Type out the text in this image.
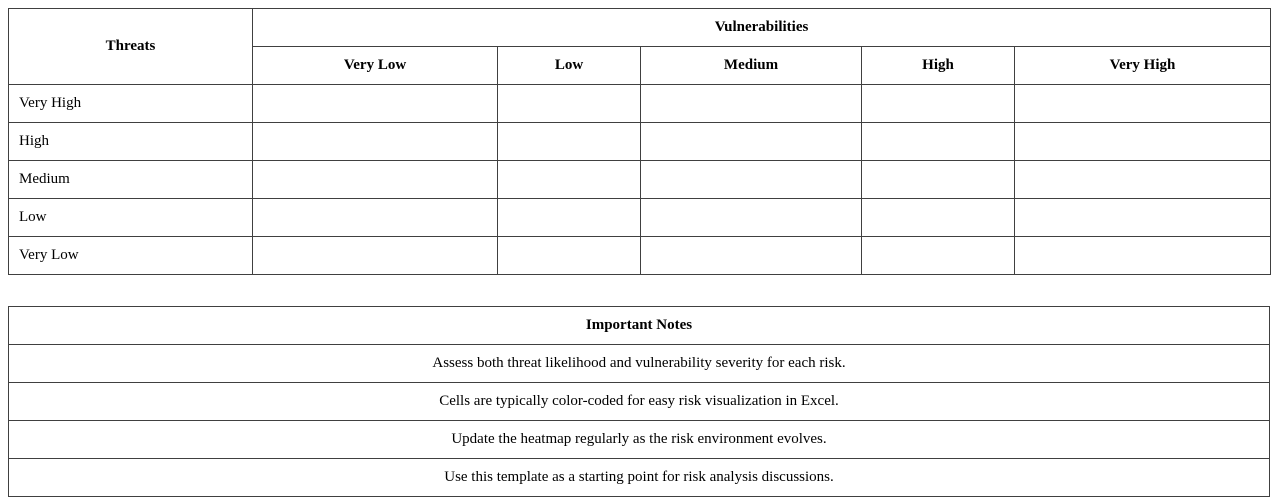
Threats	Vulnerabilities				
	Very Low	Low	Medium	High	Very High
Very High					
High					
Medium					
Low					
Very Low					
Important Notes
Assess both threat likelihood and vulnerability severity for each risk.
Cells are typically color-coded for easy risk visualization in Excel.
Update the heatmap regularly as the risk environment evolves.
Use this template as a starting point for risk analysis discussions.
